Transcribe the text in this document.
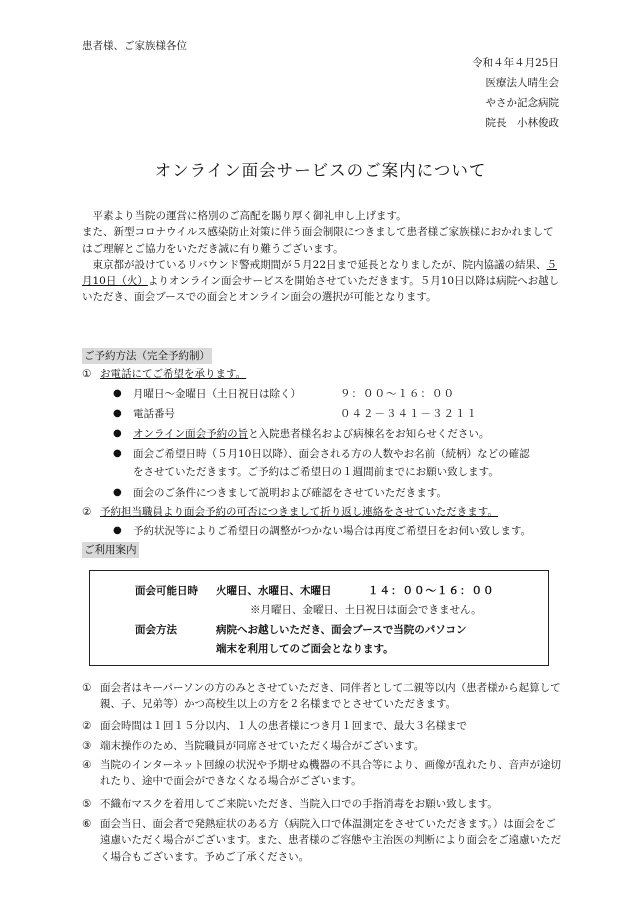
患者様、ご家族様各位
令和４年４月25日
医療法人晴生会
やさか記念病院
院長　小林俊政
オンライン面会サービスのご案内について

平素より当院の運営に格別のご高配を賜り厚く御礼申し上げます。

また、新型コロナウイルス感染防止対策に伴う面会制限につきまして患者様ご家族様におかれましてはご理解とご協力をいただき誠に有り難うございます。

東京都が設けているリバウンド警戒期間が５月22日まで延長となりましたが、院内協議の結果、５月10日（火）よりオンライン面会サービスを開始させていただきます。５月10日以降は病院へお越しいただき、面会ブースでの面会とオンライン面会の選択が可能となります。

ご予約方法（完全予約制）
① お電話にてご希望を承ります。
● 月曜日～金曜日（土日祝日は除く）	９：００～１６：００
● 電話番号	０４２－３４１－３２１１
● オンライン面会予約の旨と入院患者様名および病棟名をお知らせください。
● 面会ご希望日時（５月10日以降）、面会される方の人数やお名前（続柄）などの確認
をさせていただきます。ご予約はご希望日の１週間前までにお願い致します。
● 面会のご条件につきまして説明および確認をさせていただきます。
② 予約担当職員より面会予約の可否につきまして折り返し連絡をさせていただきます。
● 予約状況等によりご希望日の調整がつかない場合は再度ご希望日をお伺い致します。
ご利用案内
面会可能日時 火曜日、水曜日、木曜日	１４：００～１６：００
※月曜日、金曜日、土日祝日は面会できません。
面会方法	病院へお越しいただき、面会ブースで当院のパソコン
端末を利用してのご面会となります。
① 面会者はキーパーソンの方のみとさせていただき、同伴者として二親等以内（患者様から起算して親、子、兄弟等）かつ高校生以上の方を２名様までとさせていただきます。
② 面会時間は１回１５分以内、１人の患者様につき月１回まで、最大３名様まで
③ 端末操作のため、当院職員が同席させていただく場合がございます。
④ 当院のインターネット回線の状況や予期せぬ機器の不具合等により、画像が乱れたり、音声が途切れたり、途中で面会ができなくなる場合がございます。
⑤ 不織布マスクを着用してご来院いただき、当院入口での手指消毒をお願い致します。
⑥ 面会当日、面会者で発熱症状のある方（病院入口で体温測定をさせていただきます。）は面会をご遠慮いただく場合がございます。また、患者様のご容態や主治医の判断により面会をご遠慮いただく場合もございます。予めご了承ください。
